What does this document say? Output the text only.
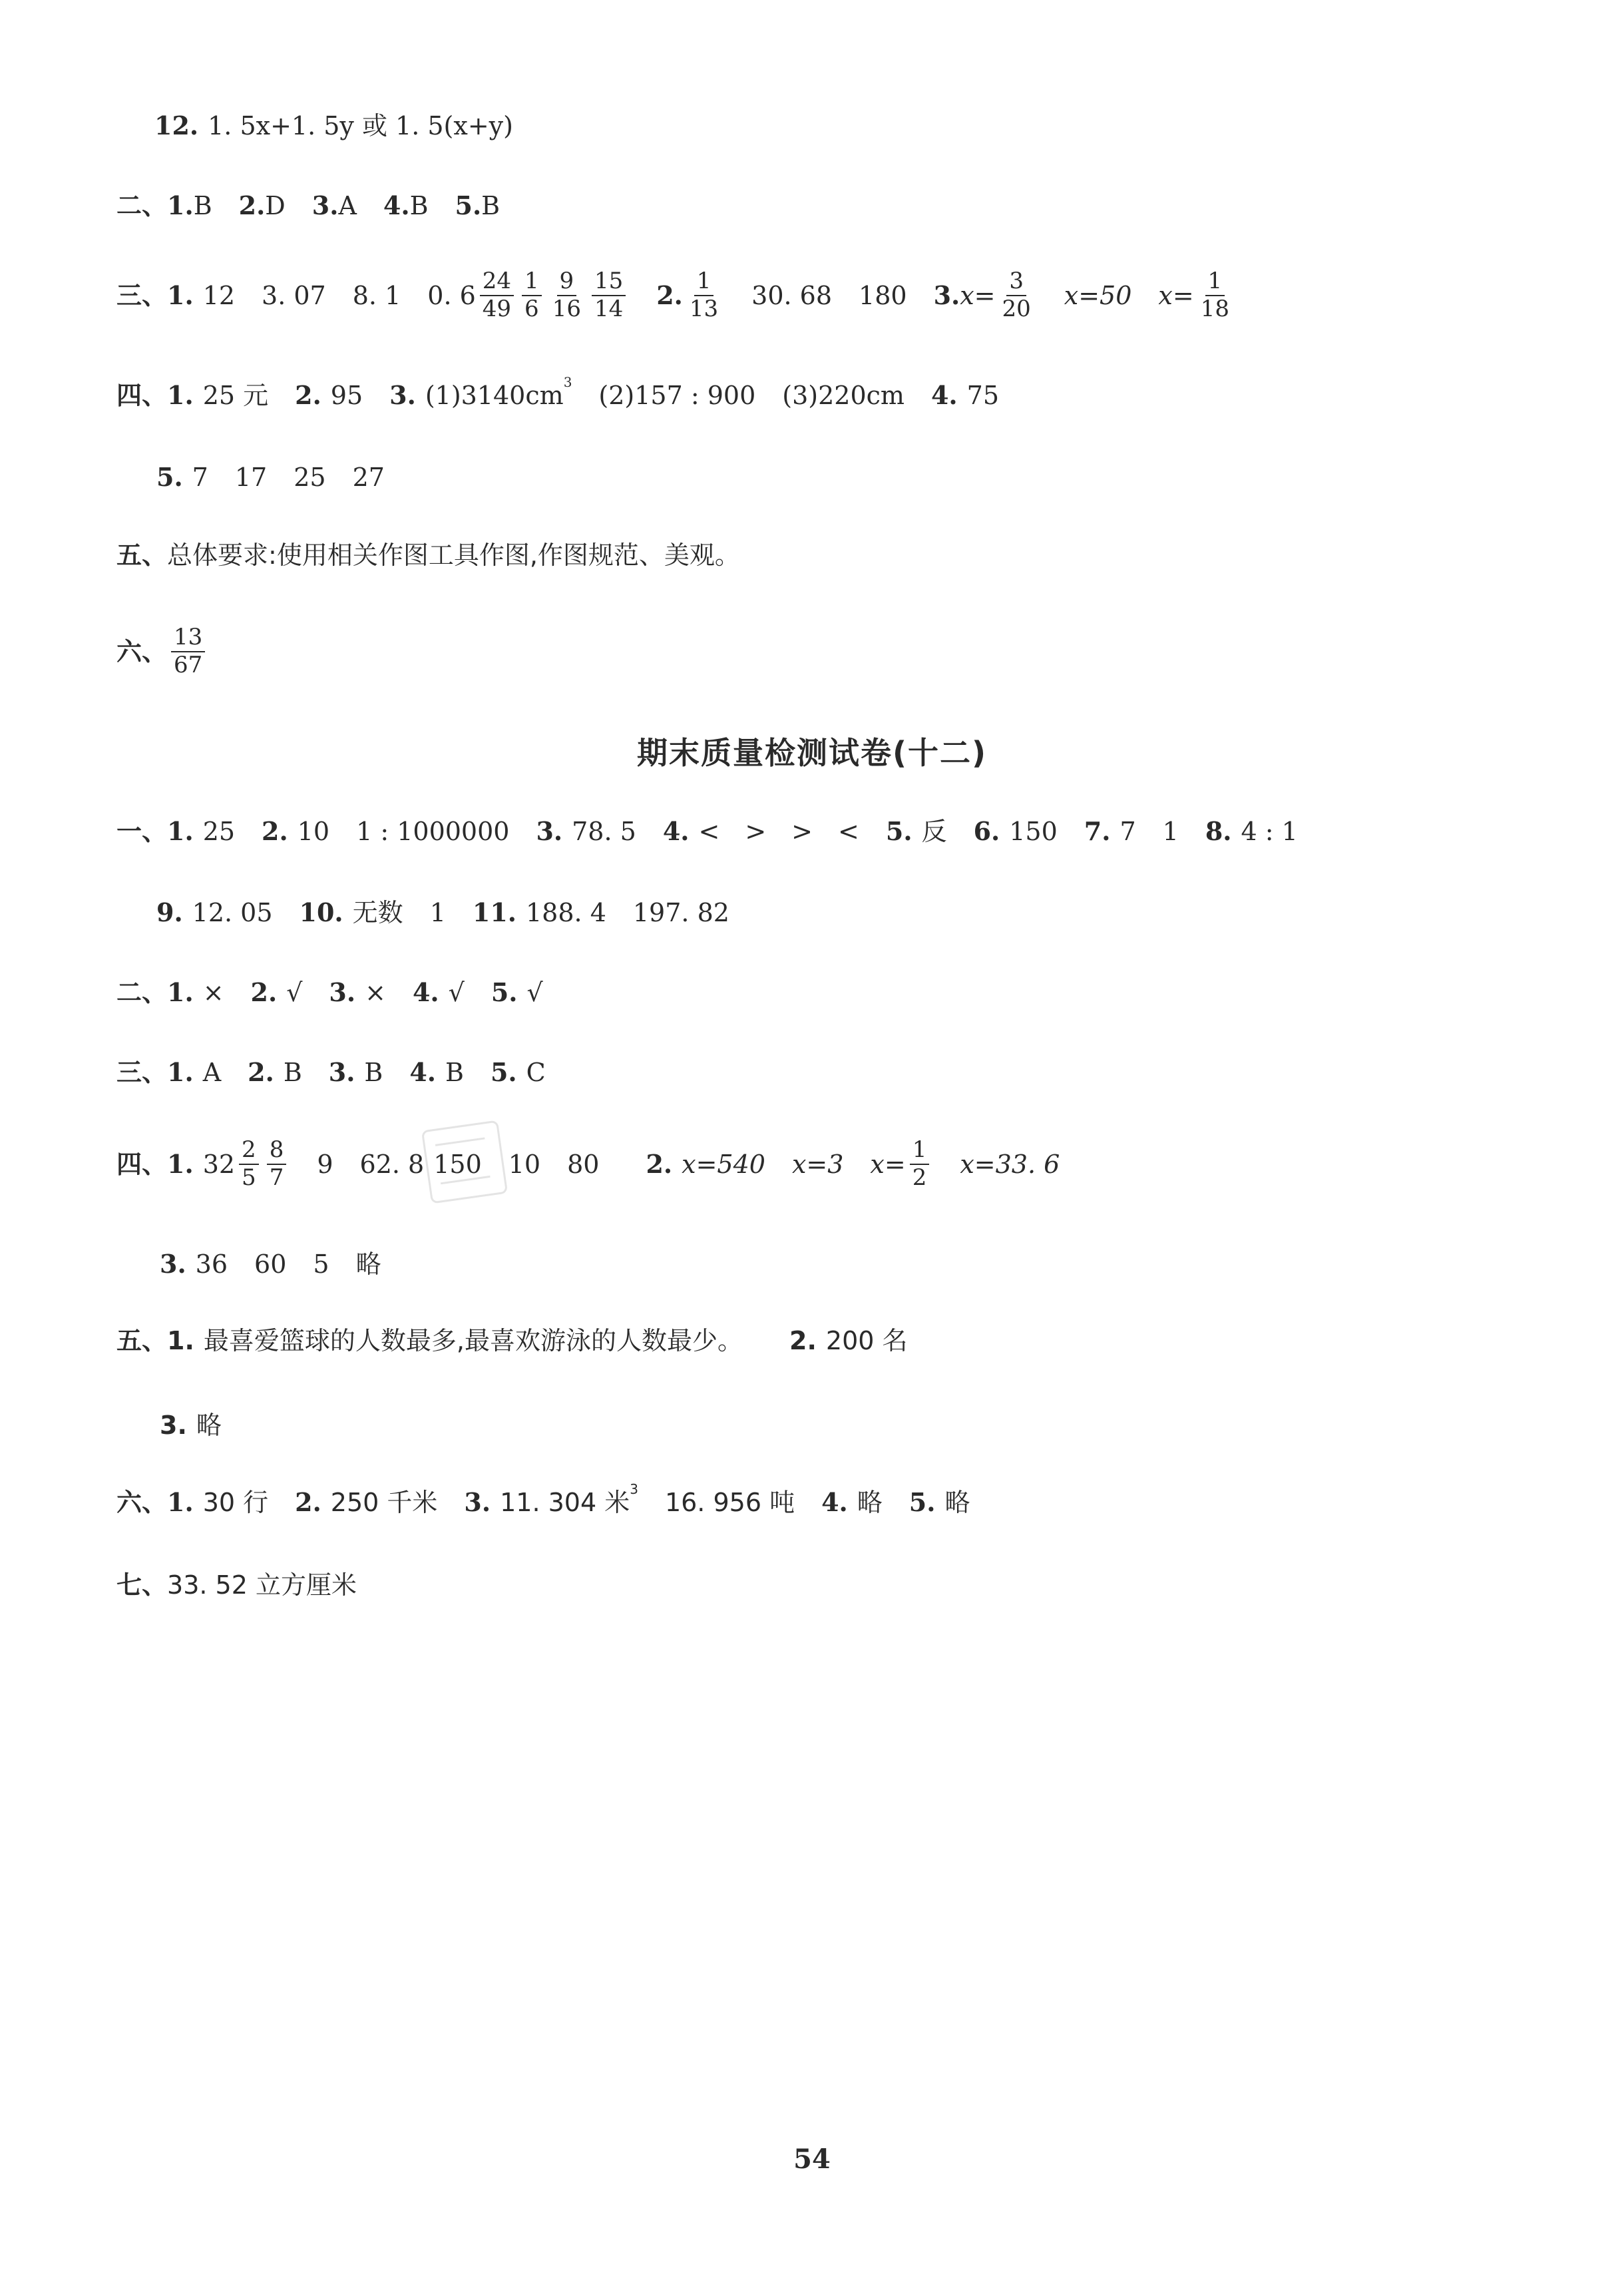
12. 1. 5x+1. 5y 或 1. 5(x+y)
二、 1. B 2. D 3. A 4. B 5. B
三、 1. 12 3. 07 8. 1 0. $6 \frac{24}{49} \frac{1}{6} \frac{9}{16} \frac{15}{14} 2$. $\frac{1}{13} 30$. 68 180 3. $x= \frac{3}{20} x=50$ $x= \frac{1}{18}$
四、 1. 25 元 2. 95 3. $(1)3140cm^3$ (2)157 : 900 (3)220cm 4. 75
5. 7 17 25 27
五、 总体要求:使用相关作图工具作图,作图规范、美观。
六、 $\frac{13}{67}$
期末质量检测试卷(十二)
一、 1. 25 2. 10 1 : 1000000 3. 78. 5 4. <　>　>　< 5. 反 6. 150 7. 7 1 8. 4 : 1
9. 12. 05 10. 无数 1 11. 188. 4 197. 82
二、 1. × 2. √ 3. × 4. √ 5. √
三、 1. A 2. B 3. B 4. B 5. C
四、 1. $32 \frac{2}{5} \frac{8}{7} 9$ 62. 8 150 10 80 2. x=540 x=3 $x= \frac{1}{2} x=33$. 6
3. 36 60 5 略
五、 1. 最喜爱篮球的人数最多,最喜欢游泳的人数最少。 2. 200 名
3. 略
六、 1. 30 行 2. 250 千米 3. 11. 304 米$^3$ 16. 956 吨 4. 略 5. 略
七、 33. 52 立方厘米
54
